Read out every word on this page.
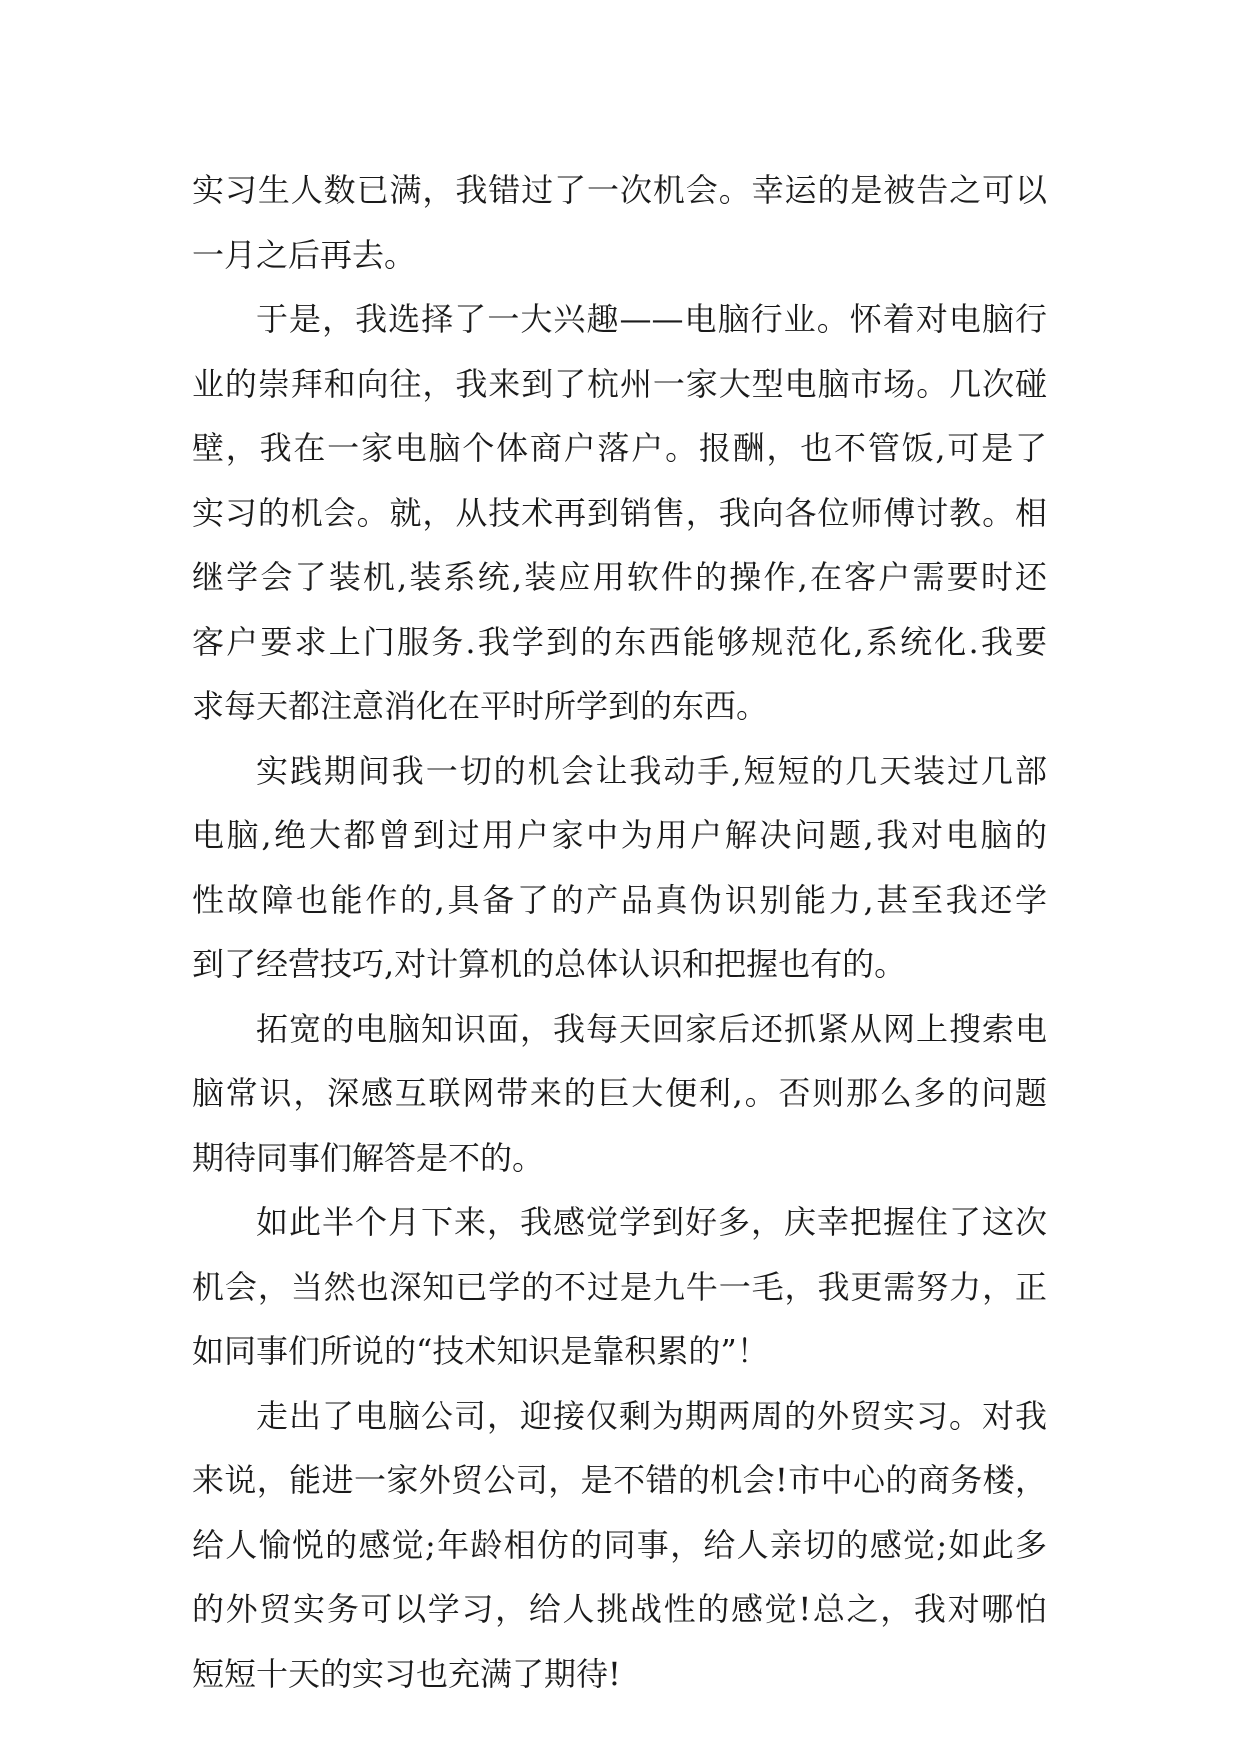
实习生人数已满，我错过了一次机会。幸运的是被告之可以
一月之后再去。
于是，我选择了一大兴趣——电脑行业。怀着对电脑行
业的崇拜和向往，我来到了杭州一家大型电脑市场。几次碰
壁，我在一家电脑个体商户落户。报酬，也不管饭,可是了
实习的机会。就，从技术再到销售，我向各位师傅讨教。相
继学会了装机,装系统,装应用软件的操作,在客户需要时还
客户要求上门服务.我学到的东西能够规范化,系统化.我要
求每天都注意消化在平时所学到的东西。
实践期间我一切的机会让我动手,短短的几天装过几部
电脑,绝大都曾到过用户家中为用户解决问题,我对电脑的
性故障也能作的,具备了的产品真伪识别能力,甚至我还学
到了经营技巧,对计算机的总体认识和把握也有的。
拓宽的电脑知识面，我每天回家后还抓紧从网上搜索电
脑常识，深感互联网带来的巨大便利,。否则那么多的问题
期待同事们解答是不的。
如此半个月下来，我感觉学到好多，庆幸把握住了这次
机会，当然也深知已学的不过是九牛一毛，我更需努力，正
如同事们所说的“技术知识是靠积累的”！
走出了电脑公司，迎接仅剩为期两周的外贸实习。对我
来说，能进一家外贸公司，是不错的机会!市中心的商务楼，
给人愉悦的感觉;年龄相仿的同事，给人亲切的感觉;如此多
的外贸实务可以学习，给人挑战性的感觉!总之，我对哪怕
短短十天的实习也充满了期待!
